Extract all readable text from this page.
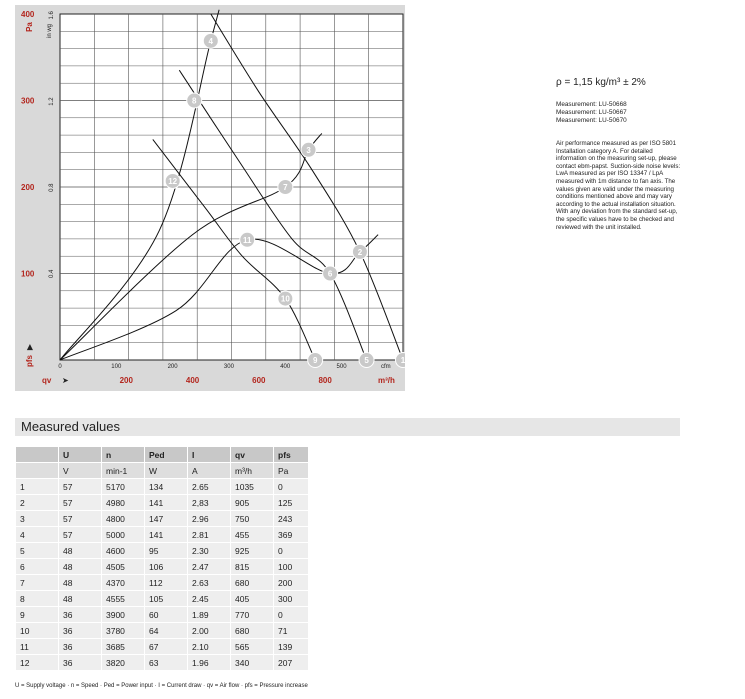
100
200
300
400
0.4
0.8
1.2
1.6
Pa in wg
pfs
▶
0	100	200	300	400	500	cfm
200	400	600	800
qv ➤	m³/h
1
2
3
4
5
6
7
8
9
10
11
12
ρ = 1,15 kg/m³ ± 2%
Measurement: LU-50668
Measurement: LU-50667
Measurement: LU-50670
Air performance measured as per ISO 5801 Installation category A. For detailed information on the measuring set-up, please contact ebm-papst. Suction-side noise levels: LwA measured as per ISO 13347 / LpA measured with 1m distance to fan axis. The values given are valid under the measuring conditions mentioned above and may vary according to the actual installation situation. With any deviation from the standard set-up, the specific values have to be checked and reviewed with the unit installed.
Measured values
	U	n	Ped	I	qv	pfs
	V	min-1	W	A	m³/h	Pa
1	57	5170	134	2.65	1035	0
2	57	4980	141	2,83	905	125
3	57	4800	147	2.96	750	243
4	57	5000	141	2.81	455	369
5	48	4600	95	2.30	925	0
6	48	4505	106	2.47	815	100
7	48	4370	112	2.63	680	200
8	48	4555	105	2.45	405	300
9	36	3900	60	1.89	770	0
10	36	3780	64	2.00	680	71
11	36	3685	67	2.10	565	139
12	36	3820	63	1.96	340	207
U = Supply voltage · n = Speed · Ped = Power input · I = Current draw · qv = Air flow · pfs = Pressure increase
